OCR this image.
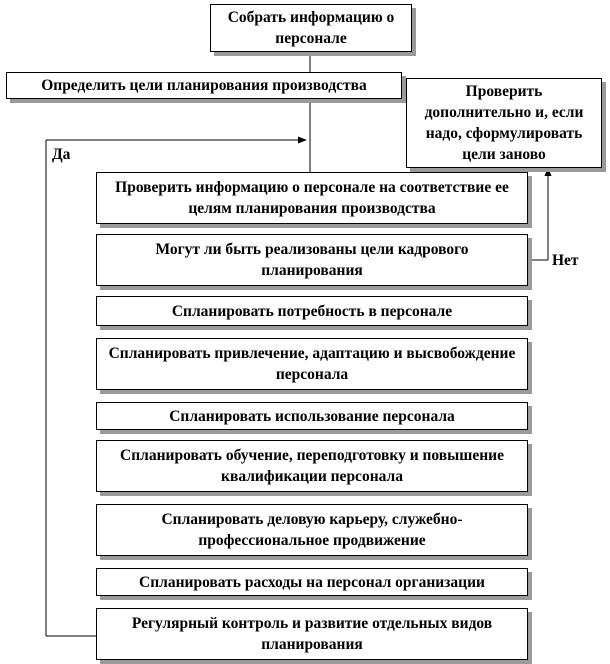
Собрать информацию о персонале
Определить цели планирования производства	Проверить дополнительно и, если надо, сформулировать цели заново
Проверить информацию о персонале на соответствие ее целям планирования производства
Могут ли быть реализованы цели кадрового планирования
Спланировать потребность в персонале
Спланировать привлечение, адаптацию и высвобождение персонала
Спланировать использование персонала
Спланировать обучение, переподготовку и повышение квалификации персонала
Спланировать деловую карьеру, служебно-профессиональное продвижение
Спланировать расходы на персонал организации
Регулярный контроль и развитие отдельных видов планирования
Да
Нет
